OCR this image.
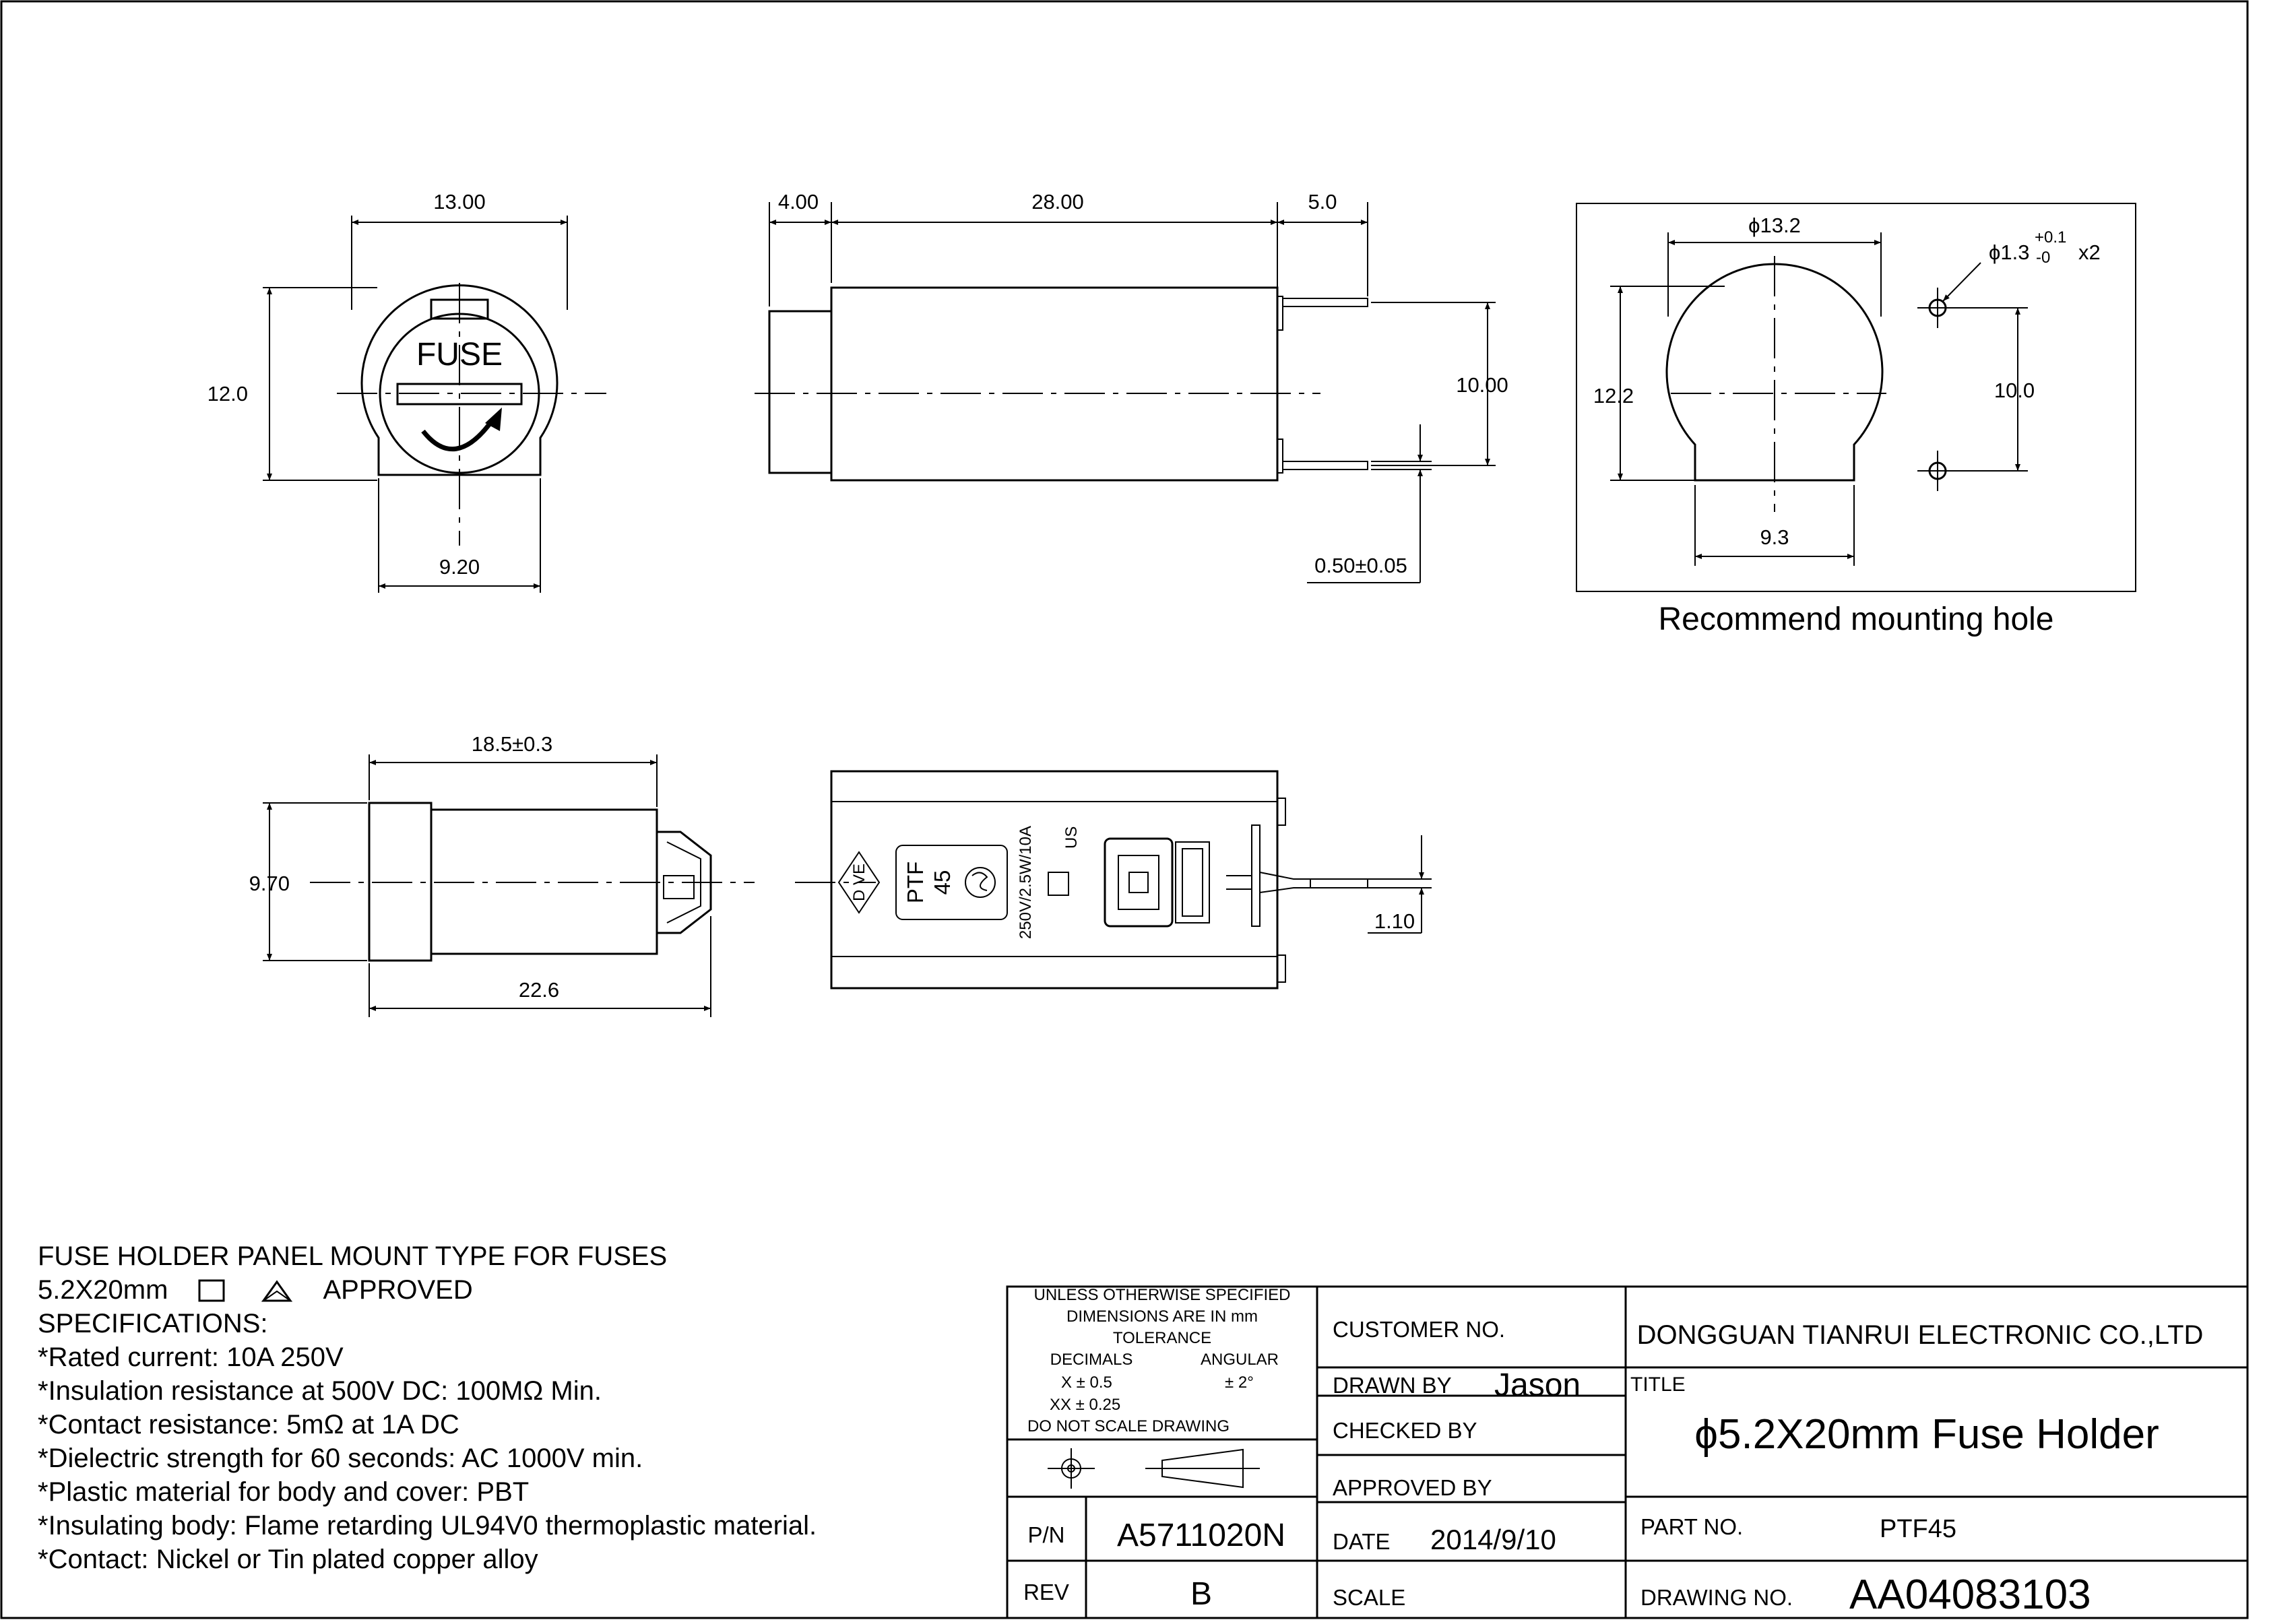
FUSE
13.00
12.0
9.20
4.00	28.00	5.0
10.00
0.50±0.05
ϕ13.2
12.2
9.3
10.0
ϕ1.3
+0.1
-0 x2
Recommend mounting hole
18.5±0.3
9.70
22.6
D VE PTF 45	250V/2.5W/10A US
1.10
UNLESS OTHERWISE SPECIFIED
DIMENSIONS ARE IN mm
TOLERANCE
DECIMALS	ANGULAR
X ± 0.5	± 2°
XX ± 0.25
DO NOT SCALE DRAWING
P/N A5711020N
REV	B
CUSTOMER NO.
DRAWN BY Jason
CHECKED BY
APPROVED BY
DATE 2014/9/10
SCALE
DONGGUAN TIANRUI ELECTRONIC CO.,LTD
TITLE
ϕ5.2X20mm Fuse Holder
PART NO.	PTF45
DRAWING NO. AA04083103
FUSE HOLDER PANEL MOUNT TYPE FOR FUSES
5.2X20mm	APPROVED
SPECIFICATIONS:
*Rated current: 10A 250V
*Insulation resistance at 500V DC: 100MΩ Min.
*Contact resistance: 5mΩ at 1A DC
*Dielectric strength for 60 seconds: AC 1000V min.
*Plastic material for body and cover: PBT
*Insulating body: Flame retarding UL94V0 thermoplastic material.
*Contact: Nickel or Tin plated copper alloy
